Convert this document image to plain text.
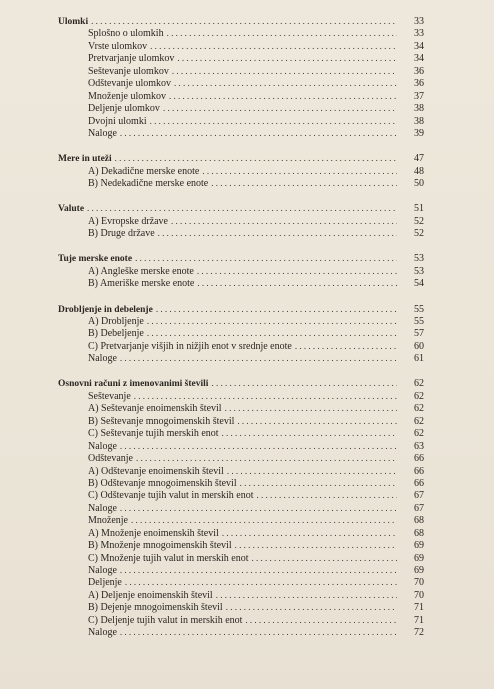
Ulomki . . .	33
Splošno o ulomkih . . .	33
Vrste ulomkov . . .	34
Pretvarjanje ulomkov . . .	34
Seštevanje ulomkov . . .	36
Odštevanje ulomkov . . .	36
Množenje ulomkov . . .	37
Deljenje ulomkov . . .	38
Dvojni ulomki . . .	38
Naloge . . .	39
Mere in uteži . . .	47
A) Dekadične merske enote . . .	48
B) Nedekadične merske enote . . .	50
Valute . . .	51
A) Evropske države . . .	52
B) Druge države . . .	52
Tuje merske enote . . .	53
A) Angleške merske enote . . .	53
B) Ameriške merske enote . . .	54
Drobljenje in debelenje . . .	55
A) Drobljenje . . .	55
B) Debeljenje . . .	57
C) Pretvarjanje višjih in nižjih enot v srednje enote . . .	60
Naloge . . .	61
Osnovni računi z imenovanimi števili . . .	62
Seštevanje . . .	62
A) Seštevanje enoimenskih števil . . .	62
B) Seštevanje mnogoimenskih števil . . .	62
C) Seštevanje tujih merskih enot . . .	62
Naloge . . .	63
Odštevanje . . .	66
A) Odštevanje enoimenskih števil . . .	66
B) Odštevanje mnogoimenskih števil . . .	66
C) Odštevanje tujih valut in merskih enot . . .	67
Naloge . . .	67
Množenje . . .	68
A) Množenje enoimenskih števil . . .	68
B) Množenje mnogoimenskih števil . . .	69
C) Množenje tujih valut in merskih enot . . .	69
Naloge . . .	69
Deljenje . . .	70
A) Deljenje enoimenskih števil . . .	70
B) Dejenje mnogoimenskih števil . . .	71
C) Deljenje tujih valut in merskih enot . . .	71
Naloge . . .	72
